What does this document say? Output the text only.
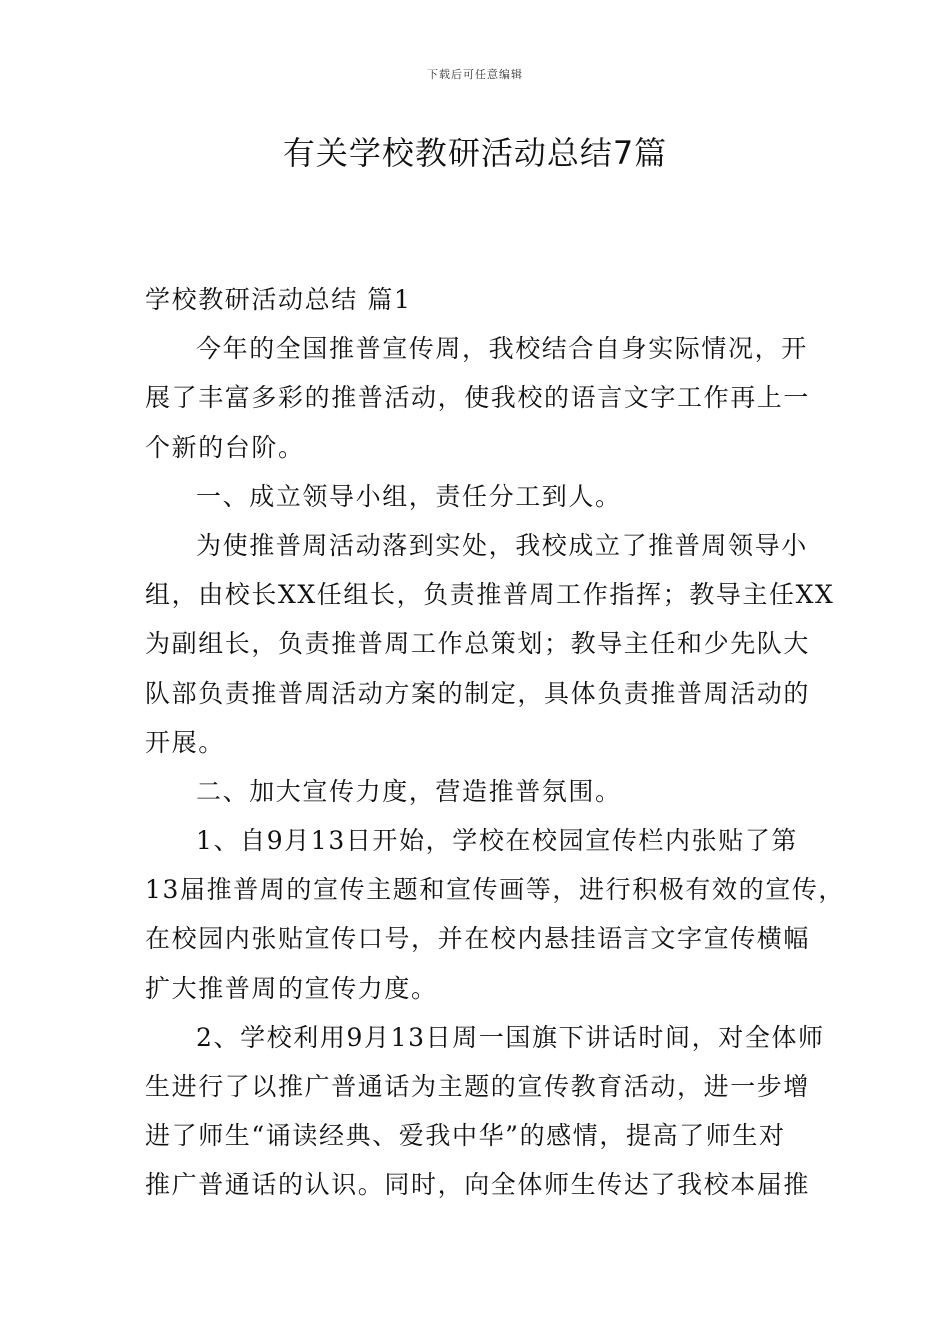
下载后可任意编辑
有关学校教研活动总结7篇
学校教研活动总结 篇1
今年的全国推普宣传周，我校结合自身实际情况，开
展了丰富多彩的推普活动，使我校的语言文字工作再上一
个新的台阶。
一、成立领导小组，责任分工到人。
为使推普周活动落到实处，我校成立了推普周领导小
组，由校长XX任组长，负责推普周工作指挥；教导主任XX
为副组长，负责推普周工作总策划；教导主任和少先队大
队部负责推普周活动方案的制定，具体负责推普周活动的
开展。
二、加大宣传力度，营造推普氛围。
1、自9月13日开始，学校在校园宣传栏内张贴了第
13届推普周的宣传主题和宣传画等，进行积极有效的宣传，
在校园内张贴宣传口号，并在校内悬挂语言文字宣传横幅
扩大推普周的宣传力度。
2、学校利用9月13日周一国旗下讲话时间，对全体师
生进行了以推广普通话为主题的宣传教育活动，进一步增
进了师生“诵读经典、爱我中华”的感情，提高了师生对
推广普通话的认识。同时，向全体师生传达了我校本届推
